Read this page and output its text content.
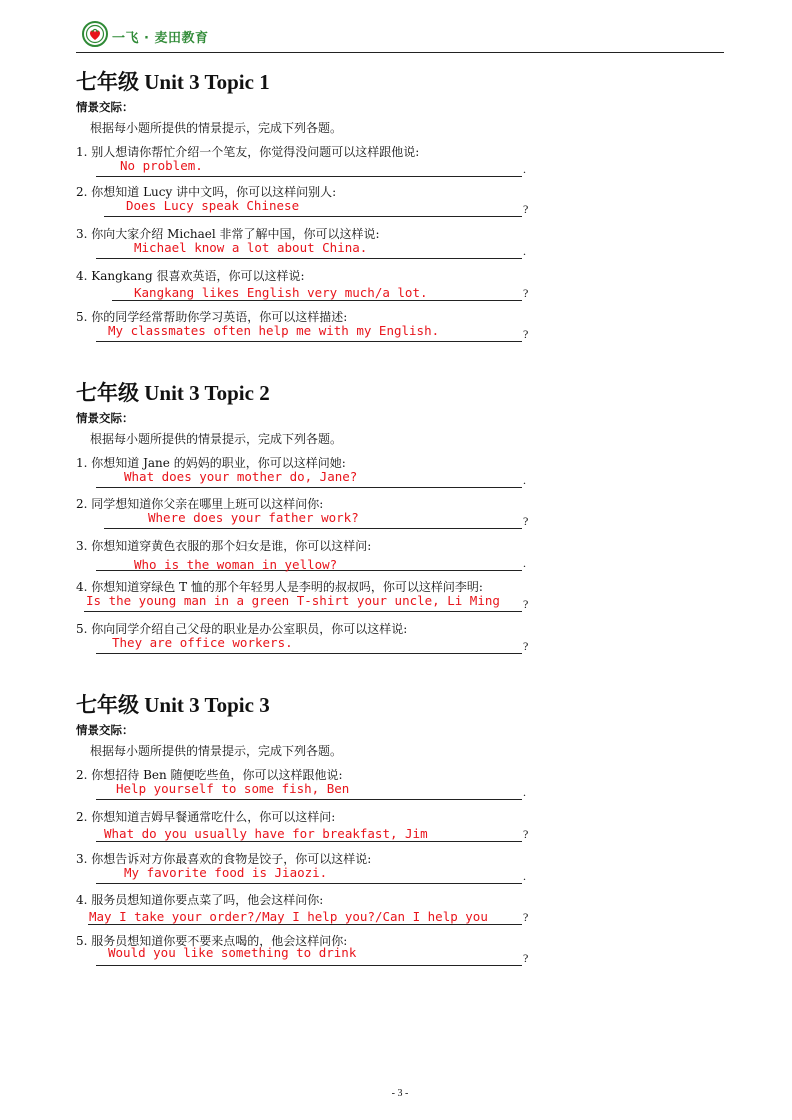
一飞 · 麦田教育
七年级 Unit 3 Topic 1
情景交际：
根据每小题所提供的情景提示，完成下列各题。
1. 别人想请你帮忙介绍一个笔友，你觉得没问题可以这样跟他说:
No problem.	.
2. 你想知道 Lucy 讲中文吗，你可以这样问别人:
Does Lucy speak Chinese	?
3. 你向大家介绍 Michael 非常了解中国，你可以这样说:
Michael know a lot about China.	.
4. Kangkang 很喜欢英语，你可以这样说:
Kangkang likes English very much/a lot.	?
5. 你的同学经常帮助你学习英语，你可以这样描述:
My classmates often help me with my English.	?
七年级 Unit 3 Topic 2
情景交际：
根据每小题所提供的情景提示，完成下列各题。
1. 你想知道 Jane 的妈妈的职业，你可以这样问她:
What does your mother do, Jane?	.
2. 同学想知道你父亲在哪里上班可以这样问你:
Where does your father work?	?
3. 你想知道穿黄色衣服的那个妇女是谁，你可以这样问:
Who is the woman in yellow?	.
4. 你想知道穿绿色 T 恤的那个年轻男人是李明的叔叔吗，你可以这样问李明:
Is the young man in a green T-shirt your uncle, Li Ming	?
5. 你向同学介绍自己父母的职业是办公室职员，你可以这样说:
They are office workers.	?
七年级 Unit 3 Topic 3
情景交际：
根据每小题所提供的情景提示，完成下列各题。
2. 你想招待 Ben 随便吃些鱼，你可以这样跟他说:
Help yourself to some fish, Ben	.
2. 你想知道吉姆早餐通常吃什么，你可以这样问:
What do you usually have for breakfast, Jim	?
3. 你想告诉对方你最喜欢的食物是饺子，你可以这样说:
My favorite food is Jiaozi.	.
4. 服务员想知道你要点菜了吗，他会这样问你:
May I take your order?/May I help you?/Can I help you	?
5. 服务员想知道你要不要来点喝的，他会这样问你:
Would you like something to drink	?
- 3 -
